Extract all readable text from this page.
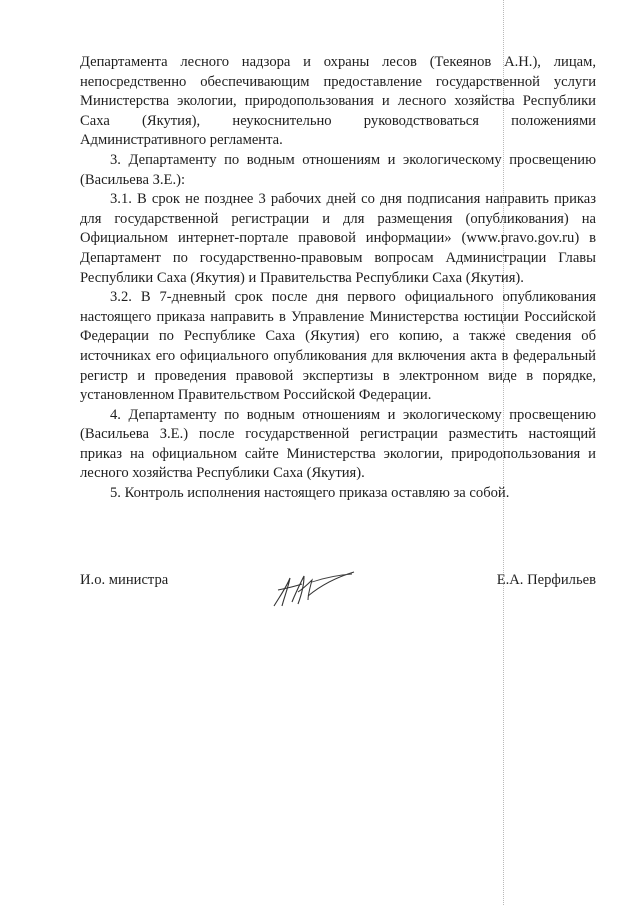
Департамента лесного надзора и охраны лесов (Текеянов А.Н.), лицам, непосредственно обеспечивающим предоставление государственной услуги Министерства экологии, природопользования и лесного хозяйства Республики Саха (Якутия), неукоснительно руководствоваться положениями Административного регламента.

3. Департаменту по водным отношениям и экологическому просвещению (Васильева З.Е.):

3.1. В срок не позднее 3 рабочих дней со дня подписания направить приказ для государственной регистрации и для размещения (опубликования) на Официальном интернет-портале правовой информации» (www.pravo.gov.ru) в Департамент по государственно-правовым вопросам Администрации Главы Республики Саха (Якутия) и Правительства Республики Саха (Якутия).

3.2. В 7-дневный срок после дня первого официального опубликования настоящего приказа направить в Управление Министерства юстиции Российской Федерации по Республике Саха (Якутия) его копию, а также сведения об источниках его официального опубликования для включения акта в федеральный регистр и проведения правовой экспертизы в электронном виде в порядке, установленном Правительством Российской Федерации.

4. Департаменту по водным отношениям и экологическому просвещению (Васильева З.Е.) после государственной регистрации разместить настоящий приказ на официальном сайте Министерства экологии, природопользования и лесного хозяйства Республики Саха (Якутия).

5. Контроль исполнения настоящего приказа оставляю за собой.

И.о. министра	Е.А. Перфильев
